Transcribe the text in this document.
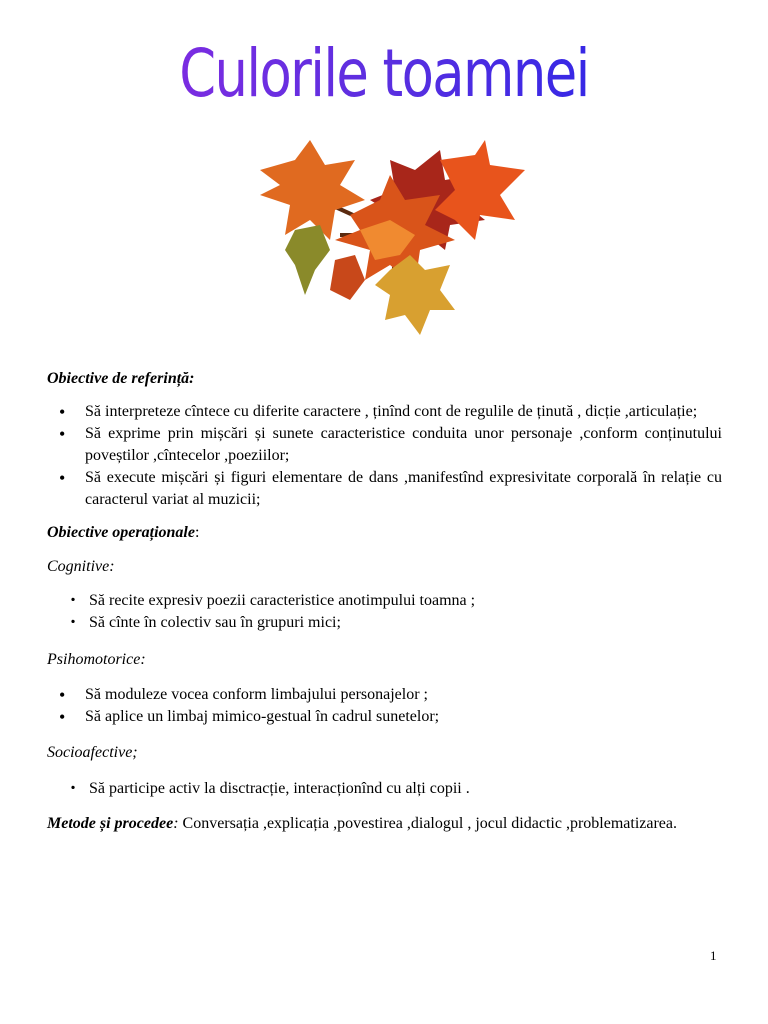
Culorile toamnei

Obiective de referință:

• Să interpreteze cîntece cu diferite caractere , ținînd cont de regulile de ținută , dicție ,articulație;
• Să exprime prin mișcări și sunete caracteristice conduita unor personaje ,conform conținutului poveștilor ,cîntecelor ,poeziilor;
• Să execute mișcări și figuri elementare de dans ,manifestînd expresivitate corporală în relație cu caracterul variat al muzicii;

Obiective operaționale:

Cognitive:

• Să recite expresiv poezii caracteristice anotimpului toamna ;
• Să cînte în colectiv sau în grupuri mici;

Psihomotorice:

• Să moduleze vocea conform limbajului personajelor ;
• Să aplice un limbaj mimico-gestual în cadrul sunetelor;

Socioafective;

• Să participe activ la disctracție, interacționînd cu alți copii .

Metode și procedee: Conversația ,explicația ,povestirea ,dialogul , jocul didactic ,problematizarea.

1
